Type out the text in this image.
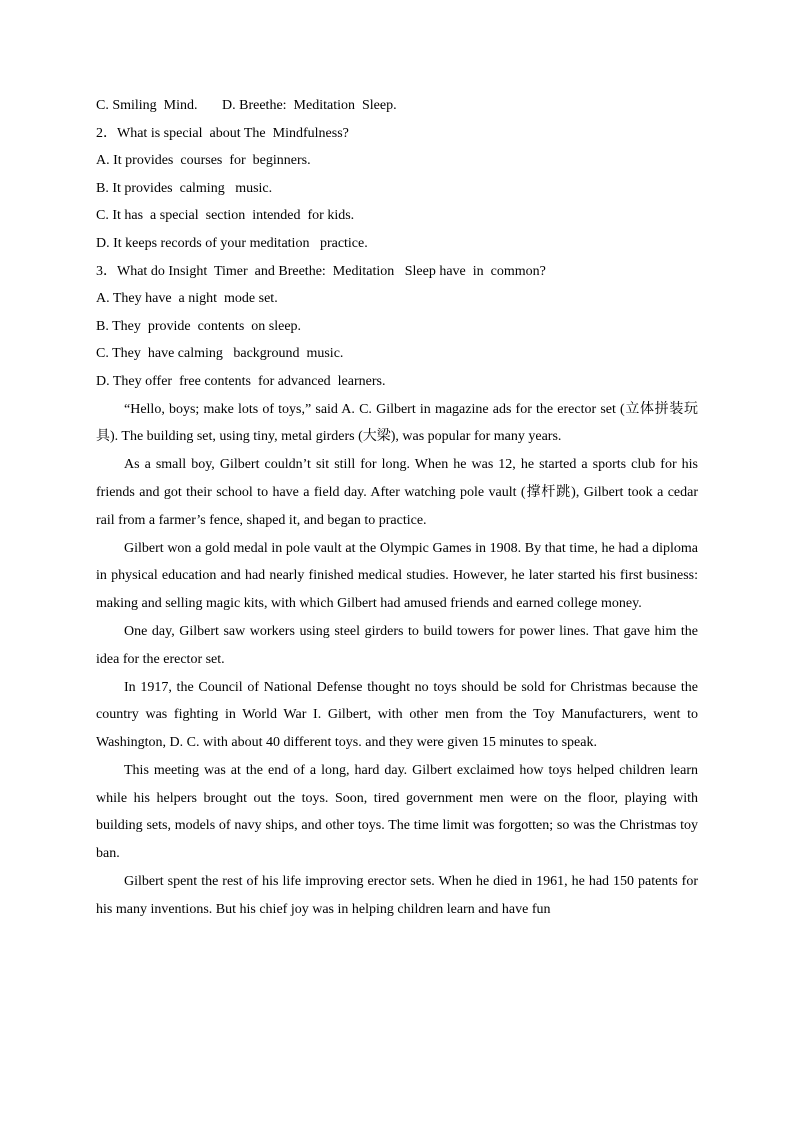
C. Smiling  Mind.       D. Breethe:  Meditation  Sleep.

2．What is special  about The  Mindfulness?

A. It provides  courses  for  beginners.

B. It provides  calming   music.

C. It has  a special  section  intended  for kids.

D. It keeps records of your meditation   practice.

3．What do Insight  Timer  and Breethe:  Meditation   Sleep have  in  common?

A. They have  a night  mode set.

B. They  provide  contents  on sleep.

C. They  have calming   background  music.

D. They offer  free contents  for advanced  learners.

“Hello, boys; make lots of toys,” said A. C. Gilbert in magazine ads for the erector set (立体拼装玩具). The building set, using tiny, metal girders (大梁), was popular for many years.

As a small boy, Gilbert couldn’t sit still for long. When he was 12, he started a sports club for his friends and got their school to have a field day. After watching pole vault (撑杆跳), Gilbert took a cedar rail from a farmer’s fence, shaped it, and began to practice.

Gilbert won a gold medal in pole vault at the Olympic Games in 1908. By that time, he had a diploma in physical education and had nearly finished medical studies. However, he later started his first business: making and selling magic kits, with which Gilbert had amused friends and earned college money.

One day, Gilbert saw workers using steel girders to build towers for power lines. That gave him the idea for the erector set.

In 1917, the Council of National Defense thought no toys should be sold for Christmas because the country was fighting in World War I. Gilbert, with other men from the Toy Manufacturers, went to Washington, D. C. with about 40 different toys. and they were given 15 minutes to speak.

This meeting was at the end of a long, hard day. Gilbert exclaimed how toys helped children learn while his helpers brought out the toys. Soon, tired government men were on the floor, playing with building sets, models of navy ships, and other toys. The time limit was forgotten; so was the Christmas toy ban.

Gilbert spent the rest of his life improving erector sets. When he died in 1961, he had 150 patents for his many inventions. But his chief joy was in helping children learn and have fun
